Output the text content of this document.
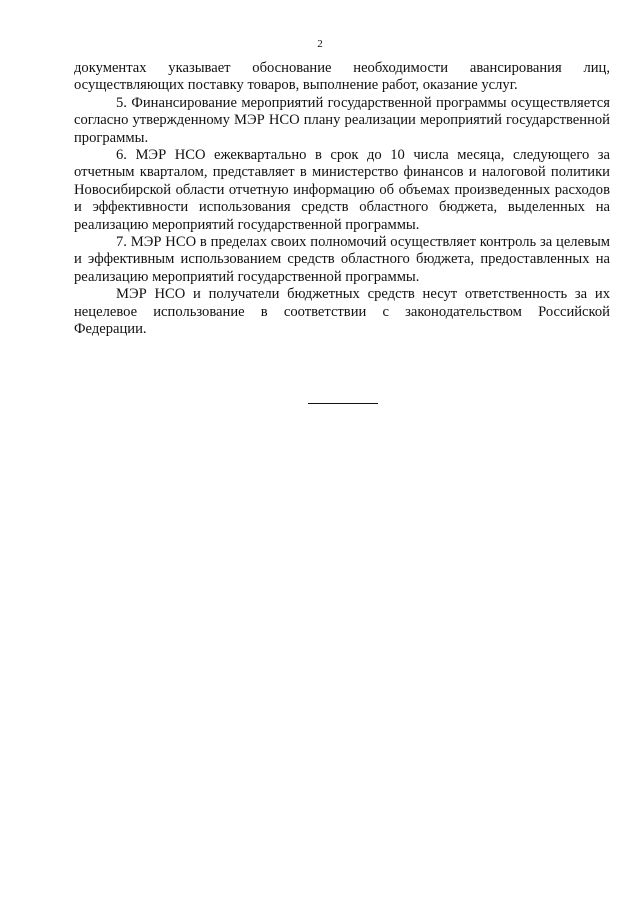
2

документах указывает обоснование необходимости авансирования лиц, осуществляющих поставку товаров, выполнение работ, оказание услуг.

5. Финансирование мероприятий государственной программы осуществляется согласно утвержденному МЭР НСО плану реализации мероприятий государственной программы.

6. МЭР НСО ежеквартально в срок до 10 числа месяца, следующего за отчетным кварталом, представляет в министерство финансов и налоговой политики Новосибирской области отчетную информацию об объемах произведенных расходов и эффективности использования средств областного бюджета, выделенных на реализацию мероприятий государственной программы.

7. МЭР НСО в пределах своих полномочий осуществляет контроль за целевым и эффективным использованием средств областного бюджета, предоставленных на реализацию мероприятий государственной программы.

МЭР НСО и получатели бюджетных средств несут ответственность за их нецелевое использование в соответствии с законодательством Российской Федерации.
